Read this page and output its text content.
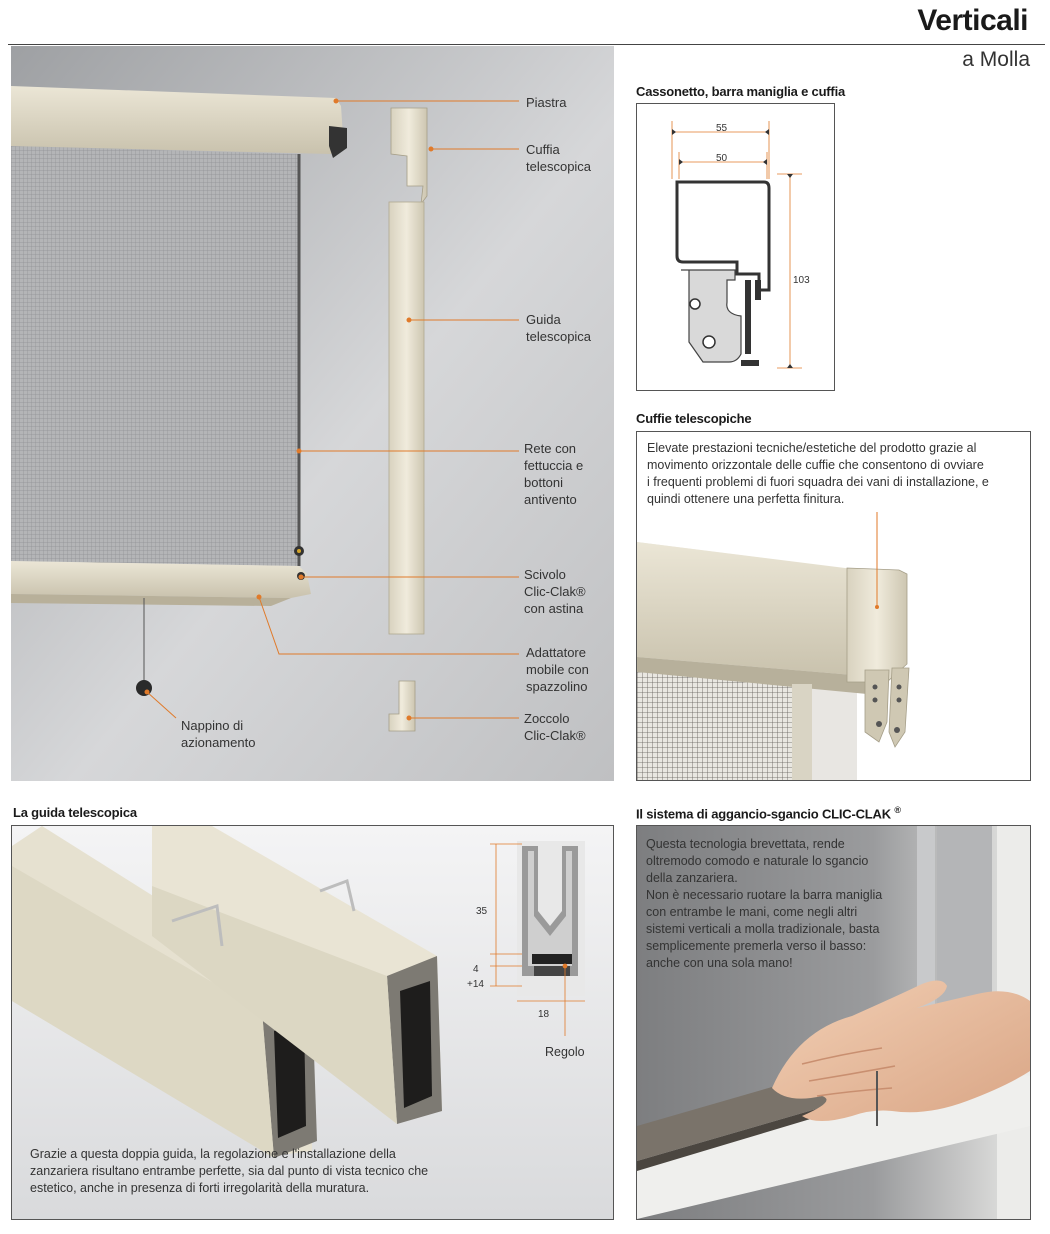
Verticali
a Molla
Piastra
Cuffia
telescopica
Guida
telescopica
Rete con
fettuccia e
bottoni
antivento
Scivolo
Clic-Clak®
con astina
Adattatore
mobile con
spazzolino
Zoccolo
Clic-Clak®
Nappino di
azionamento
Cassonetto, barra maniglia e cuffia
55
50
103
Cuffie telescopiche
Elevate prestazioni tecniche/estetiche del prodotto grazie al
movimento orizzontale delle cuffie che consentono di ovviare
i frequenti problemi di fuori squadra dei vani di installazione, e
quindi ottenere una perfetta finitura.
La guida telescopica
35
4
+14
18
Regolo
Grazie a questa doppia guida, la regolazione e l'installazione della
zanzariera risultano entrambe perfette, sia dal punto di vista tecnico che
estetico, anche in presenza di forti irregolarità della muratura.
Il sistema di aggancio-sgancio CLIC-CLAK ®
Questa tecnologia brevettata, rende
oltremodo comodo e naturale lo sgancio
della zanzariera.
Non è necessario ruotare la barra maniglia
con entrambe le mani, come negli altri
sistemi verticali a molla tradizionale, basta
semplicemente premerla verso il basso:
anche con una sola mano!
